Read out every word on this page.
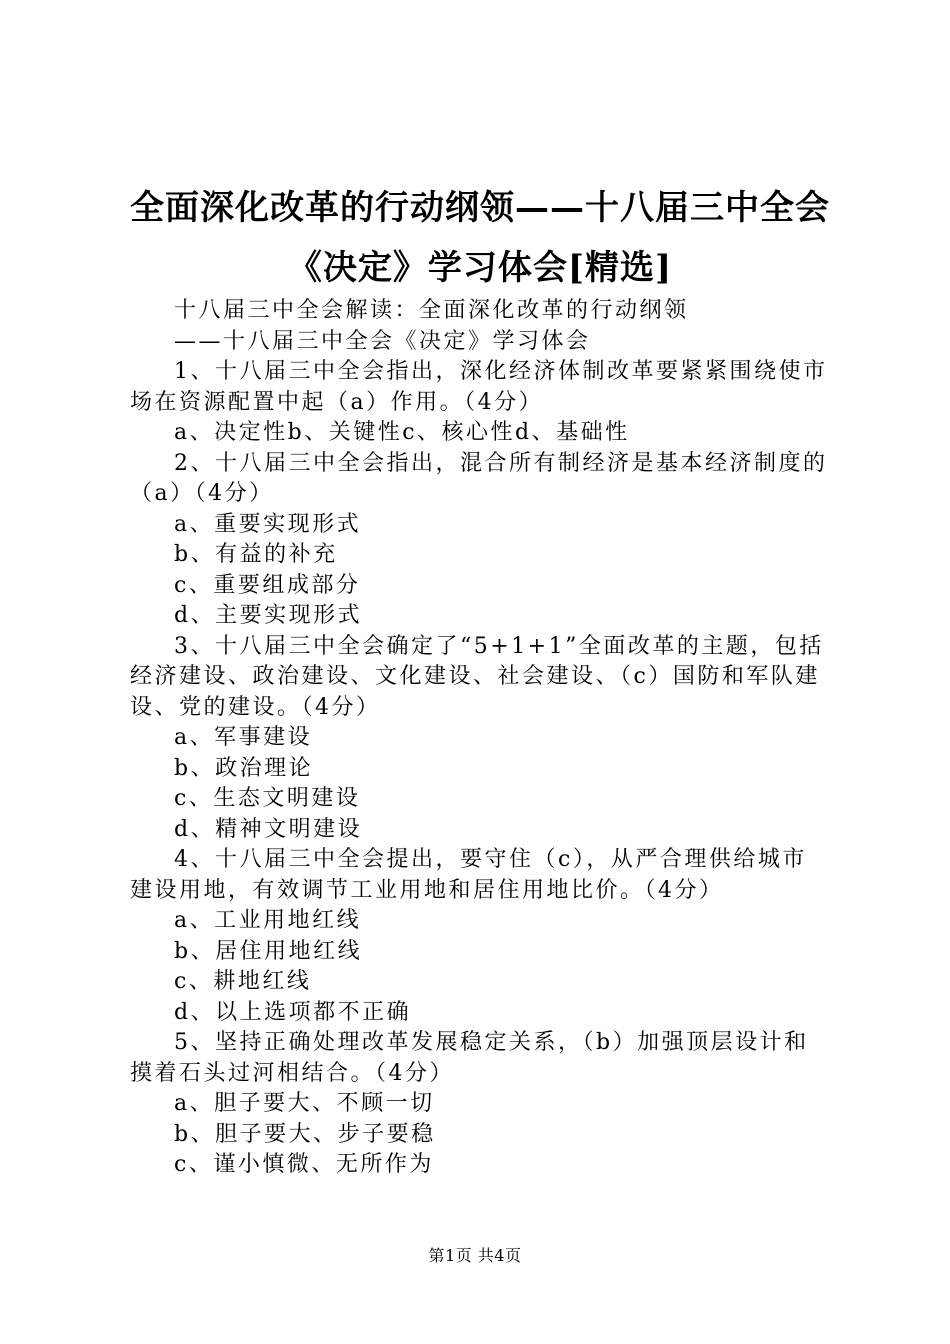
全面深化改革的行动纲领——十八届三中全会
《决定》学习体会[精选]
十八届三中全会解读：全面深化改革的行动纲领
——十八届三中全会《决定》学习体会
1、十八届三中全会指出，深化经济体制改革要紧紧围绕使市场在资源配置中起（a）作用。（4分）
a、决定性b、关键性c、核心性d、基础性
2、十八届三中全会指出，混合所有制经济是基本经济制度的（a）（4分）
a、重要实现形式
b、有益的补充
c、重要组成部分
d、主要实现形式
3、十八届三中全会确定了“5+1+1”全面改革的主题，包括经济建设、政治建设、文化建设、社会建设、（c）国防和军队建设、党的建设。（4分）
a、军事建设
b、政治理论
c、生态文明建设
d、精神文明建设
4、十八届三中全会提出，要守住（c），从严合理供给城市建设用地，有效调节工业用地和居住用地比价。（4分）
a、工业用地红线
b、居住用地红线
c、耕地红线
d、以上选项都不正确
5、坚持正确处理改革发展稳定关系，（b）加强顶层设计和摸着石头过河相结合。（4分）
a、胆子要大、不顾一切
b、胆子要大、步子要稳
c、谨小慎微、无所作为
第1页 共4页
